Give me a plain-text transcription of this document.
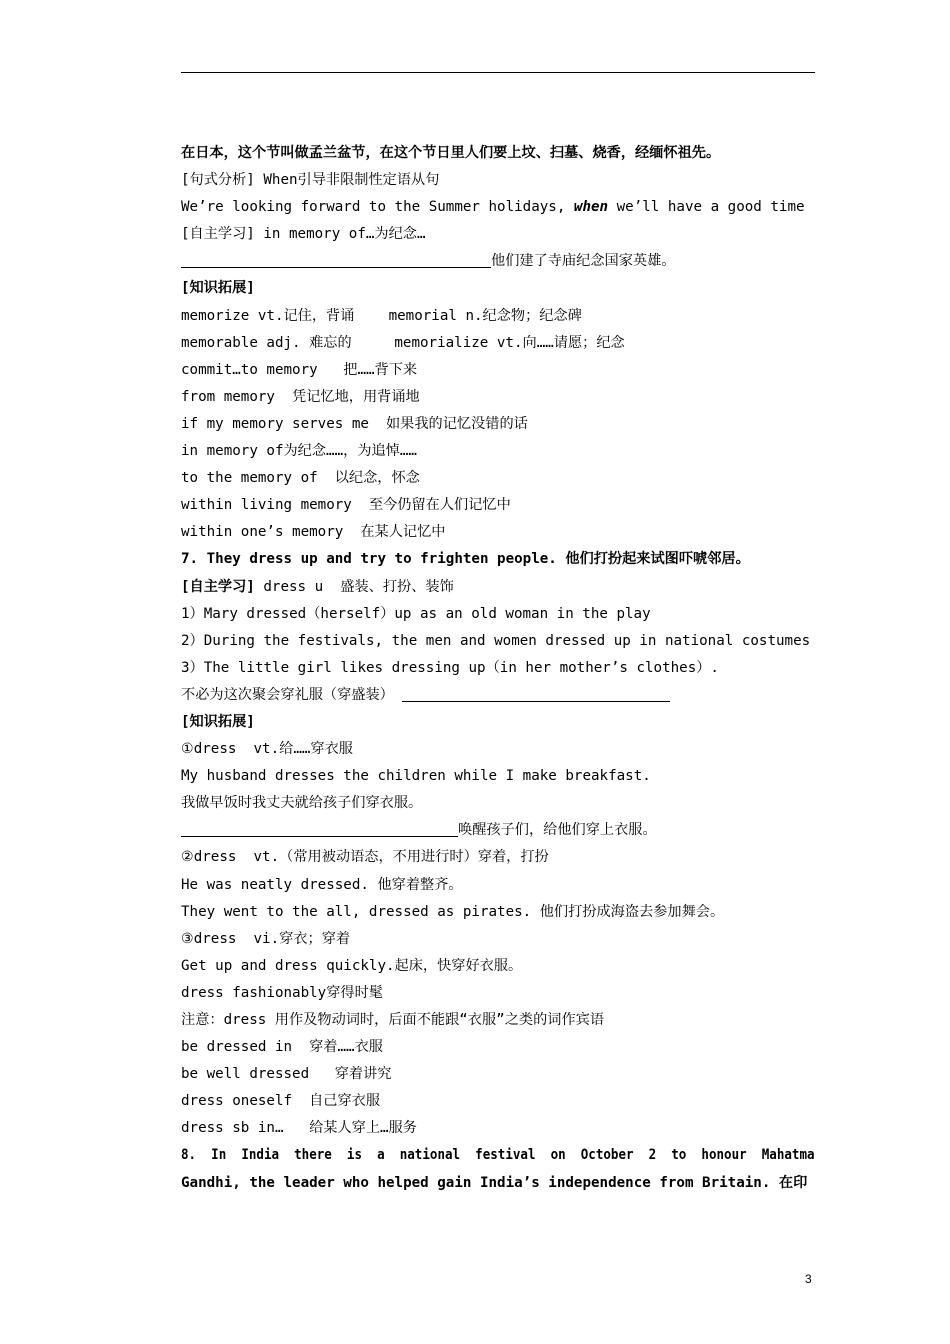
在日本，这个节叫做孟兰盆节，在这个节日里人们要上坟、扫墓、烧香，经缅怀祖先。
[句式分析] When引导非限制性定语从句
We’re looking forward to the Summer holidays, when we’ll have a good time
[自主学习] in memory of…为纪念…
他们建了寺庙纪念国家英雄。
[知识拓展]
memorize vt.记住，背诵    memorial n.纪念物；纪念碑
memorable adj. 难忘的     memorialize vt.向……请愿；纪念
commit…to memory   把……背下来
from memory  凭记忆地，用背诵地
if my memory serves me  如果我的记忆没错的话
in memory of为纪念……，为追悼……
to the memory of  以纪念，怀念
within living memory  至今仍留在人们记忆中
within one’s memory  在某人记忆中
7. They dress up and try to frighten people. 他们打扮起来试图吓唬邻居。
[自主学习] dress u  盛装、打扮、装饰
1）Mary dressed（herself）up as an old woman in the play
2）During the festivals, the men and women dressed up in national costumes
3）The little girl likes dressing up（in her mother’s clothes）.
不必为这次聚会穿礼服（穿盛装）
[知识拓展]
①dress  vt.给……穿衣服
My husband dresses the children while I make breakfast.
我做早饭时我丈夫就给孩子们穿衣服。
唤醒孩子们，给他们穿上衣服。
②dress  vt.（常用被动语态，不用进行时）穿着，打扮
He was neatly dressed. 他穿着整齐。
They went to the all, dressed as pirates. 他们打扮成海盗去参加舞会。
③dress  vi.穿衣；穿着
Get up and dress quickly.起床，快穿好衣服。
dress fashionably穿得时髦
注意：dress 用作及物动词时，后面不能跟“衣服”之类的词作宾语
be dressed in  穿着……衣服
be well dressed   穿着讲究
dress oneself  自己穿衣服
dress sb in…   给某人穿上…服务
8.  In  India  there  is  a  national  festival  on  October  2  to  honour  Mahatma
Gandhi, the leader who helped gain India’s independence from Britain. 在印
3
